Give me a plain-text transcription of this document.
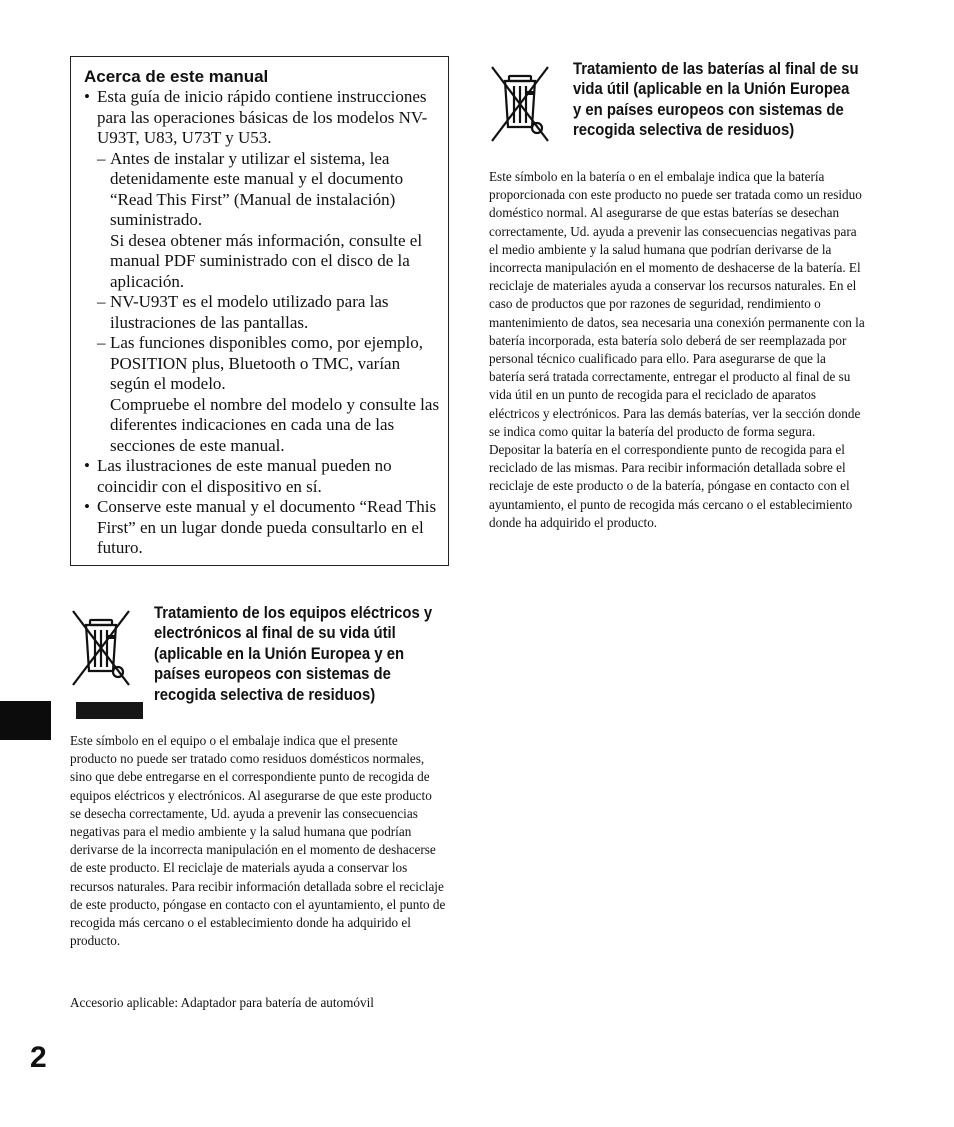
Acerca de este manual

• Esta guía de inicio rápido contiene instrucciones para las operaciones básicas de los modelos NV-U93T, U83, U73T y U53.
– Antes de instalar y utilizar el sistema, lea detenidamente este manual y el documento “Read This First” (Manual de instalación) suministrado.
Si desea obtener más información, consulte el manual PDF suministrado con el disco de la aplicación.
– NV-U93T es el modelo utilizado para las ilustraciones de las pantallas.
– Las funciones disponibles como, por ejemplo, POSITION plus, Bluetooth o TMC, varían según el modelo.
Compruebe el nombre del modelo y consulte las diferentes indicaciones en cada una de las secciones de este manual.
• Las ilustraciones de este manual pueden no coincidir con el dispositivo en sí.
• Conserve este manual y el documento “Read This First” en un lugar donde pueda consultarlo en el futuro.

Tratamiento de los equipos eléctricos y electrónicos al final de su vida útil (aplicable en la Unión Europea y en países europeos con sistemas de recogida selectiva de residuos)

Este símbolo en el equipo o el embalaje indica que el presente producto no puede ser tratado como residuos domésticos normales, sino que debe entregarse en el correspondiente punto de recogida de equipos eléctricos y electrónicos. Al asegurarse de que este producto se desecha correctamente, Ud. ayuda a prevenir las consecuencias negativas para el medio ambiente y la salud humana que podrían derivarse de la incorrecta manipulación en el momento de deshacerse de este producto. El reciclaje de materials ayuda a conservar los recursos naturales. Para recibir información detallada sobre el reciclaje de este producto, póngase en contacto con el ayuntamiento, el punto de recogida más cercano o el establecimiento donde ha adquirido el producto.

Accesorio aplicable: Adaptador para batería de automóvil

Tratamiento de las baterías al final de su vida útil (aplicable en la Unión Europea y en países europeos con sistemas de recogida selectiva de residuos)

Este símbolo en la batería o en el embalaje indica que la batería proporcionada con este producto no puede ser tratada como un residuo doméstico normal. Al asegurarse de que estas baterías se desechan correctamente, Ud. ayuda a prevenir las consecuencias negativas para el medio ambiente y la salud humana que podrían derivarse de la incorrecta manipulación en el momento de deshacerse de la batería. El reciclaje de materiales ayuda a conservar los recursos naturales. En el caso de productos que por razones de seguridad, rendimiento o mantenimiento de datos, sea necesaria una conexión permanente con la batería incorporada, esta batería solo deberá de ser reemplazada por personal técnico cualificado para ello. Para asegurarse de que la batería será tratada correctamente, entregar el producto al final de su vida útil en un punto de recogida para el reciclado de aparatos eléctricos y electrónicos. Para las demás baterías, ver la sección donde se indica como quitar la batería del producto de forma segura. Depositar la batería en el correspondiente punto de recogida para el reciclado de las mismas. Para recibir información detallada sobre el reciclaje de este producto o de la batería, póngase en contacto con el ayuntamiento, el punto de recogida más cercano o el establecimiento donde ha adquirido el producto.

2
